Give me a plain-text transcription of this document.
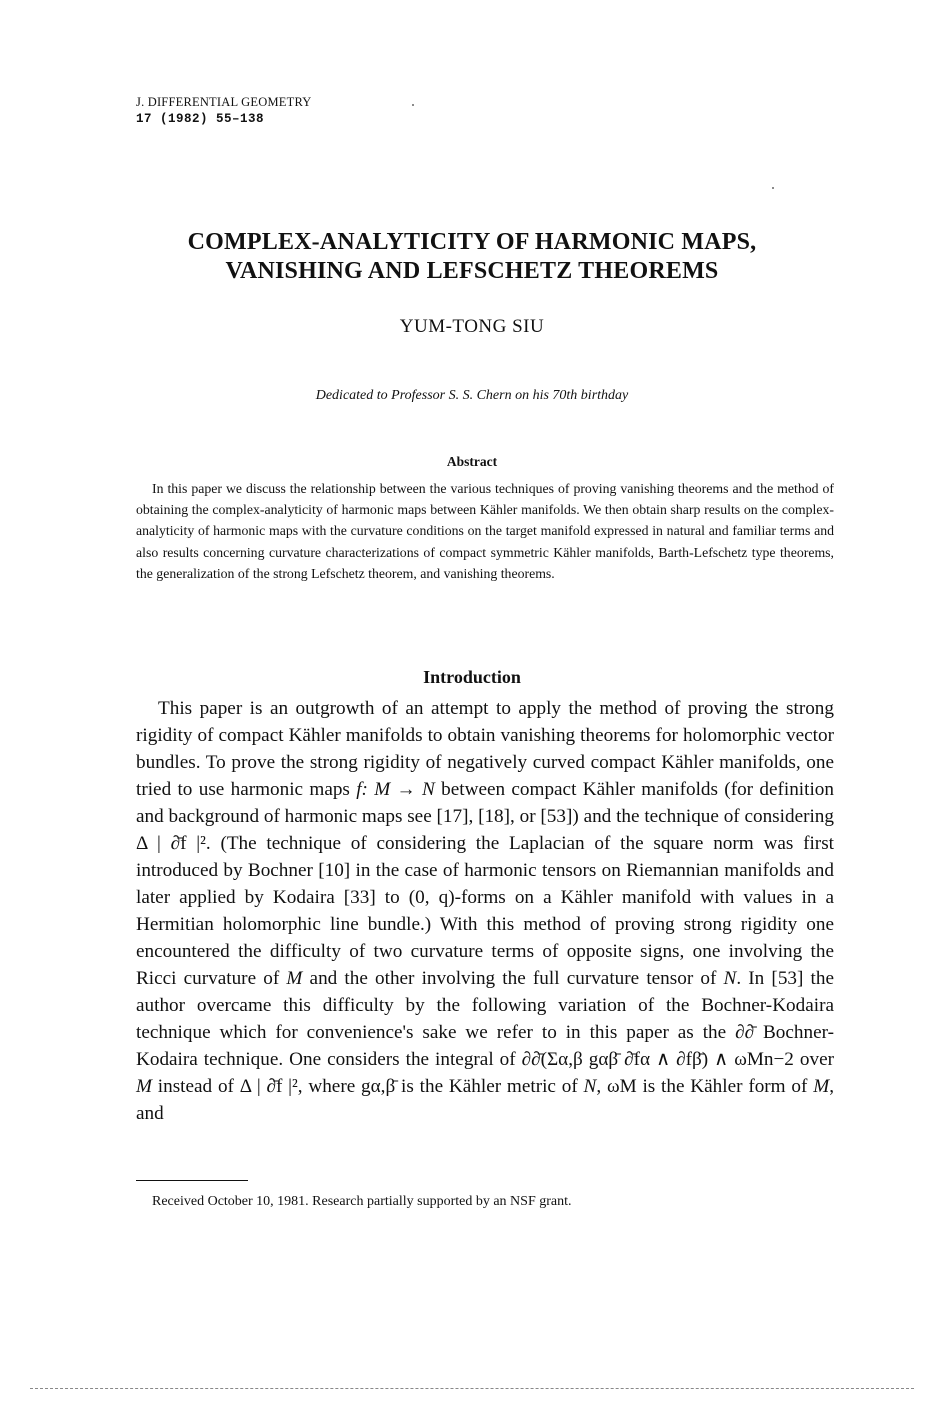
J. DIFFERENTIAL GEOMETRY
17 (1982) 55–138
COMPLEX-ANALYTICITY OF HARMONIC MAPS,
VANISHING AND LEFSCHETZ THEOREMS
YUM-TONG SIU
Dedicated to Professor S. S. Chern on his 70th birthday
Abstract

In this paper we discuss the relationship between the various techniques of proving vanishing theorems and the method of obtaining the complex-analyticity of harmonic maps between Kähler manifolds. We then obtain sharp results on the complex-analyticity of harmonic maps with the curvature conditions on the target manifold expressed in natural and familiar terms and also results concerning curvature characterizations of compact symmetric Kähler manifolds, Barth-Lefschetz type theorems, the generalization of the strong Lefschetz theorem, and vanishing theorems.

Introduction

This paper is an outgrowth of an attempt to apply the method of proving the strong rigidity of compact Kähler manifolds to obtain vanishing theorems for holomorphic vector bundles. To prove the strong rigidity of negatively curved compact Kähler manifolds, one tried to use harmonic maps f: M → N between compact Kähler manifolds (for definition and background of harmonic maps see [17], [18], or [53]) and the technique of considering Δ | ∂̄f |². (The technique of considering the Laplacian of the square norm was first introduced by Bochner [10] in the case of harmonic tensors on Riemannian manifolds and later applied by Kodaira [33] to (0, q)-forms on a Kähler manifold with values in a Hermitian holomorphic line bundle.) With this method of proving strong rigidity one encountered the difficulty of two curvature terms of opposite signs, one involving the Ricci curvature of M and the other involving the full curvature tensor of N. In [53] the author overcame this difficulty by the following variation of the Bochner-Kodaira technique which for convenience's sake we refer to in this paper as the ∂∂̄ Bochner-Kodaira technique. One considers the integral of ∂∂̄(Σα,β gαβ̄ ∂̄fα ∧ ∂fβ̄) ∧ ωMn−2 over M instead of Δ | ∂̄f |², where gα,β̄ is the Kähler metric of N, ωM is the Kähler form of M, and

Received October 10, 1981. Research partially supported by an NSF grant.
